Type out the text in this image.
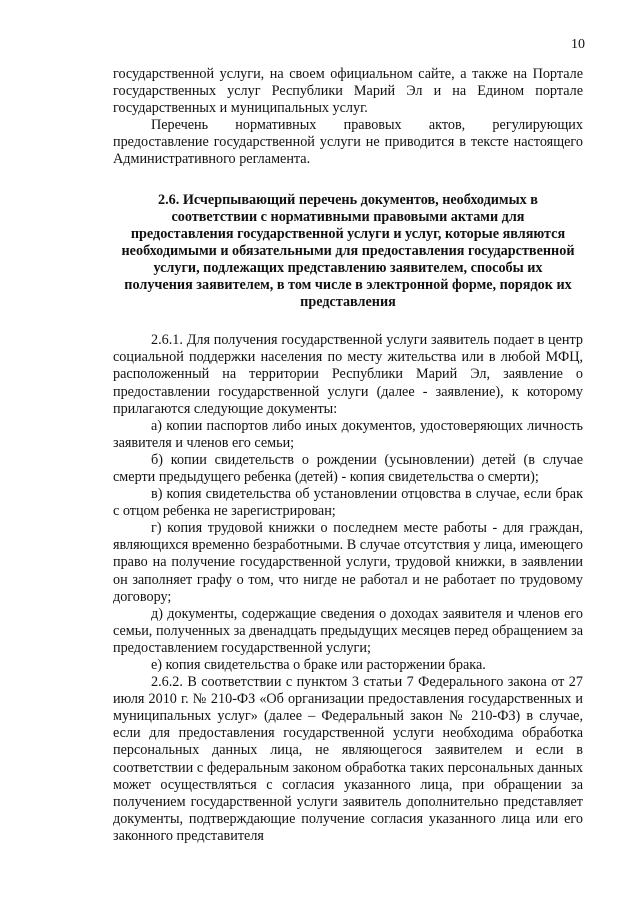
10

государственной услуги, на своем официальном сайте, а также на Портале государственных услуг Республики Марий Эл и на Едином портале государственных и муниципальных услуг.

Перечень нормативных правовых актов, регулирующих предоставление государственной услуги не приводится в тексте настоящего Административного регламента.

2.6. Исчерпывающий перечень документов, необходимых в соответствии с нормативными правовыми актами для предоставления государственной услуги и услуг, которые являются необходимыми и обязательными для предоставления государственной услуги, подлежащих представлению заявителем, способы их получения заявителем, в том числе в электронной форме, порядок их представления

2.6.1. Для получения государственной услуги заявитель подает в центр социальной поддержки населения по месту жительства или в любой МФЦ, расположенный на территории Республики Марий Эл, заявление о предоставлении государственной услуги (далее - заявление), к которому прилагаются следующие документы:

а) копии паспортов либо иных документов, удостоверяющих личность заявителя и членов его семьи;

б) копии свидетельств о рождении (усыновлении) детей (в случае смерти предыдущего ребенка (детей) - копия свидетельства о смерти);

в) копия свидетельства об установлении отцовства в случае, если брак с отцом ребенка не зарегистрирован;

г) копия трудовой книжки о последнем месте работы - для граждан, являющихся временно безработными. В случае отсутствия у лица, имеющего право на получение государственной услуги, трудовой книжки, в заявлении он заполняет графу о том, что нигде не работал и не работает по трудовому договору;

д) документы, содержащие сведения о доходах заявителя и членов его семьи, полученных за двенадцать предыдущих месяцев перед обращением за предоставлением государственной услуги;

е) копия свидетельства о браке или расторжении брака.

2.6.2. В соответствии с пунктом 3 статьи 7 Федерального закона от 27 июля 2010 г. № 210-ФЗ «Об организации предоставления государственных и муниципальных услуг» (далее – Федеральный закон № 210-ФЗ) в случае, если для предоставления государственной услуги необходима обработка персональных данных лица, не являющегося заявителем и если в соответствии с федеральным законом обработка таких персональных данных может осуществляться с согласия указанного лица, при обращении за получением государственной услуги заявитель дополнительно представляет документы, подтверждающие получение согласия указанного лица или его законного представителя
